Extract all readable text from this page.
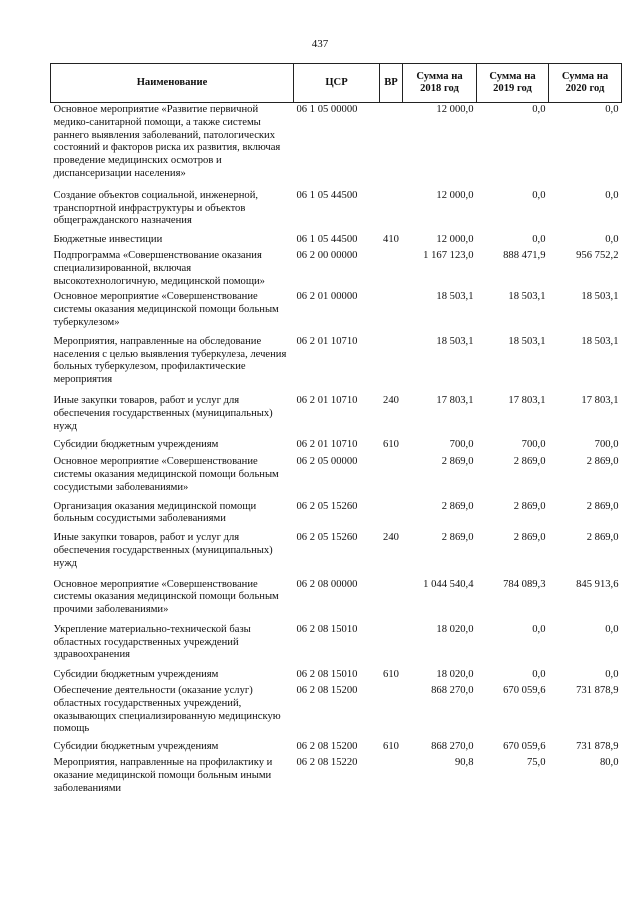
437
Наименование	ЦСР	ВР	Сумма на 2018 год	Сумма на 2019 год	Сумма на 2020 год
Основное мероприятие «Развитие первичной медико-санитарной помощи, а также системы раннего выявления заболеваний, патологических состояний и факторов риска их развития, включая проведение медицинских осмотров и диспансеризации населения»	06 1 05 00000		12 000,0	0,0	0,0
Создание объектов социальной, инженерной, транспортной инфраструктуры и объектов общегражданского назначения	06 1 05 44500		12 000,0	0,0	0,0
Бюджетные инвестиции	06 1 05 44500	410	12 000,0	0,0	0,0
Подпрограмма «Совершенствование оказания специализированной, включая высокотехнологичную, медицинской помощи»	06 2 00 00000		1 167 123,0	888 471,9	956 752,2
Основное мероприятие «Совершенствование системы оказания медицинской помощи больным туберкулезом»	06 2 01 00000		18 503,1	18 503,1	18 503,1
Мероприятия, направленные на обследование населения с целью выявления туберкулеза, лечения больных туберкулезом, профилактические мероприятия	06 2 01 10710		18 503,1	18 503,1	18 503,1
Иные закупки товаров, работ и услуг для обеспечения государственных (муниципальных) нужд	06 2 01 10710	240	17 803,1	17 803,1	17 803,1
Субсидии бюджетным учреждениям	06 2 01 10710	610	700,0	700,0	700,0
Основное мероприятие «Совершенствование системы оказания медицинской помощи больным сосудистыми заболеваниями»	06 2 05 00000		2 869,0	2 869,0	2 869,0
Организация оказания медицинской помощи больным сосудистыми заболеваниями	06 2 05 15260		2 869,0	2 869,0	2 869,0
Иные закупки товаров, работ и услуг для обеспечения государственных (муниципальных) нужд	06 2 05 15260	240	2 869,0	2 869,0	2 869,0
Основное мероприятие «Совершенствование системы оказания медицинской помощи больным прочими заболеваниями»	06 2 08 00000		1 044 540,4	784 089,3	845 913,6
Укрепление материально-технической базы областных государственных учреждений здравоохранения	06 2 08 15010		18 020,0	0,0	0,0
Субсидии бюджетным учреждениям	06 2 08 15010	610	18 020,0	0,0	0,0
Обеспечение деятельности (оказание услуг) областных государственных учреждений, оказывающих специализированную медицинскую помощь	06 2 08 15200		868 270,0	670 059,6	731 878,9
Субсидии бюджетным учреждениям	06 2 08 15200	610	868 270,0	670 059,6	731 878,9
Мероприятия, направленные на профилактику и оказание медицинской помощи больным иными заболеваниями	06 2 08 15220		90,8	75,0	80,0
